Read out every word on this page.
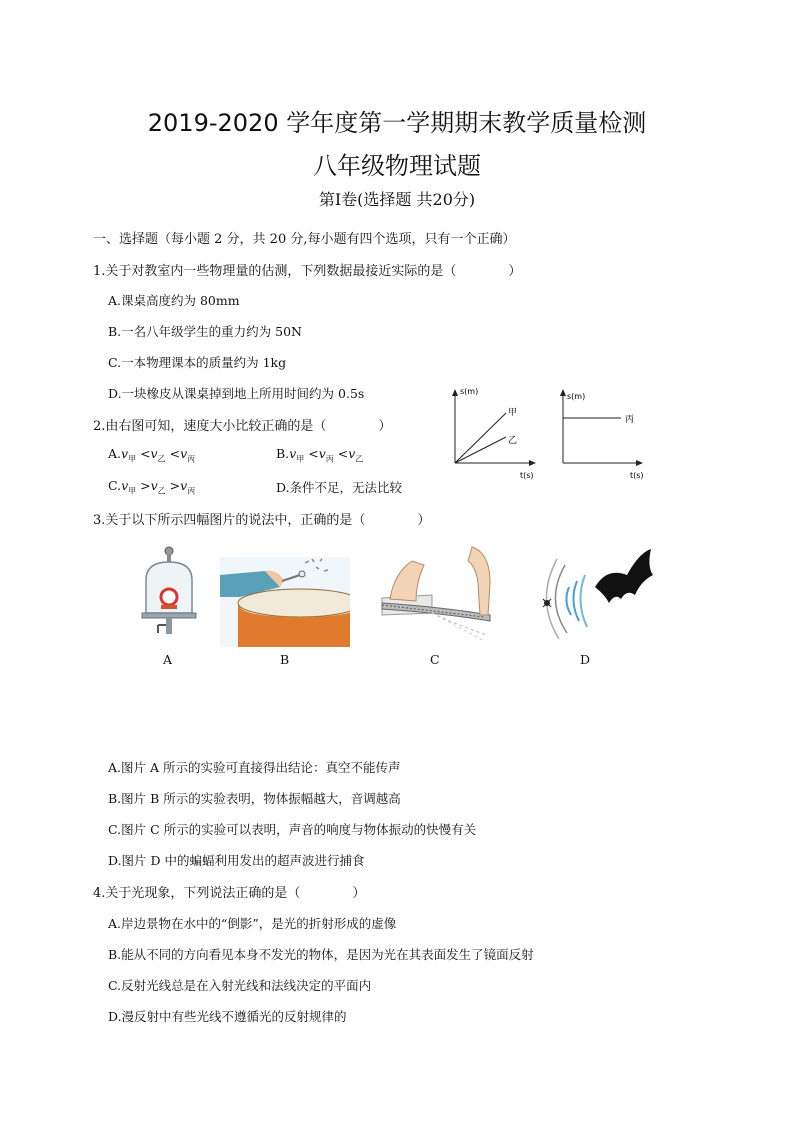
2019-2020 学年度第一学期期末教学质量检测
八年级物理试题
第Ⅰ卷(选择题 共20分)
一、选择题（每小题 2 分，共 20 分,每小题有四个选项，只有一个正确）
1.关于对教室内一些物理量的估测，下列数据最接近实际的是（　　　　）
A.课桌高度约为 80mm
B.一名八年级学生的重力约为 50N
C.一本物理课本的质量约为 1kg
D.一块橡皮从课桌掉到地上所用时间约为 0.5s
2.由右图可知，速度大小比较正确的是（　　　　）
$A.v_甲 <v_乙 <v_丙$	$B.v_甲 <v_丙 <v_乙$
$C.v_甲 >v_乙 >v_丙$	D.条件不足，无法比较
s(m)
t(s)
甲
乙
s(m)
t(s)
丙
3.关于以下所示四幅图片的说法中，正确的是（　　　　）
A	B	C	D
A.图片 A 所示的实验可直接得出结论：真空不能传声
B.图片 B 所示的实验表明，物体振幅越大，音调越高
C.图片 C 所示的实验可以表明，声音的响度与物体振动的快慢有关
D.图片 D 中的蝙蝠利用发出的超声波进行捕食
4.关于光现象，下列说法正确的是（　　　　）
A.岸边景物在水中的“倒影”，是光的折射形成的虚像
B.能从不同的方向看见本身不发光的物体，是因为光在其表面发生了镜面反射
C.反射光线总是在入射光线和法线决定的平面内
D.漫反射中有些光线不遵循光的反射规律的
